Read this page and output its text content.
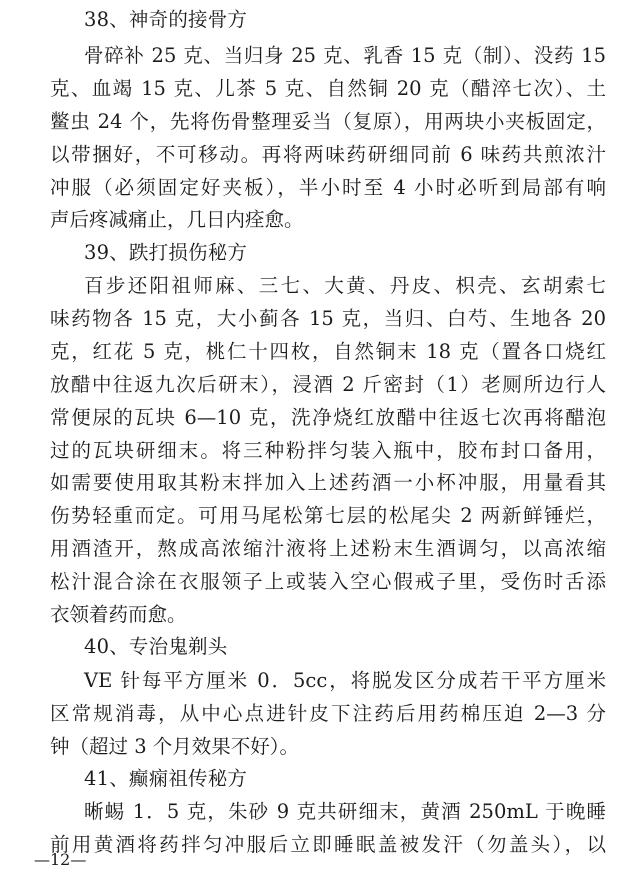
38、神奇的接骨方
骨碎补 25 克、当归身 25 克、乳香 15 克（制）、没药 15
克、血竭 15 克、儿茶 5 克、自然铜 20 克（醋淬七次）、土
鳖虫 24 个，先将伤骨整理妥当（复原），用两块小夹板固定，
以带捆好，不可移动。再将两味药研细同前 6 味药共煎浓汁
冲服（必须固定好夹板），半小时至 4 小时必听到局部有响
声后疼减痛止，几日内痊愈。
39、跌打损伤秘方
百步还阳祖师麻、三七、大黄、丹皮、枳壳、玄胡索七
味药物各 15 克，大小蓟各 15 克，当归、白芍、生地各 20
克，红花 5 克，桃仁十四枚，自然铜末 18 克（置各口烧红
放醋中往返九次后研末），浸酒 2 斤密封（1）老厕所边行人
常便尿的瓦块 6—10 克，洗净烧红放醋中往返七次再将醋泡
过的瓦块研细末。将三种粉拌匀装入瓶中，胶布封口备用，
如需要使用取其粉末拌加入上述药酒一小杯冲服，用量看其
伤势轻重而定。可用马尾松第七层的松尾尖 2 两新鲜锤烂，
用酒渣开，熬成高浓缩汁液将上述粉末生酒调匀，以高浓缩
松汁混合涂在衣服领子上或装入空心假戒子里，受伤时舌添
衣领着药而愈。
40、专治鬼剃头
VE 针每平方厘米 0．5cc，将脱发区分成若干平方厘米
区常规消毒，从中心点进针皮下注药后用药棉压迫 2—3 分
钟（超过 3 个月效果不好）。
41、癫痫祖传秘方
晰蜴 1．5 克，朱砂 9 克共研细末，黄酒 250mL 于晚睡
前用黄酒将药拌匀冲服后立即睡眠盖被发汗（勿盖头），以
—12—
